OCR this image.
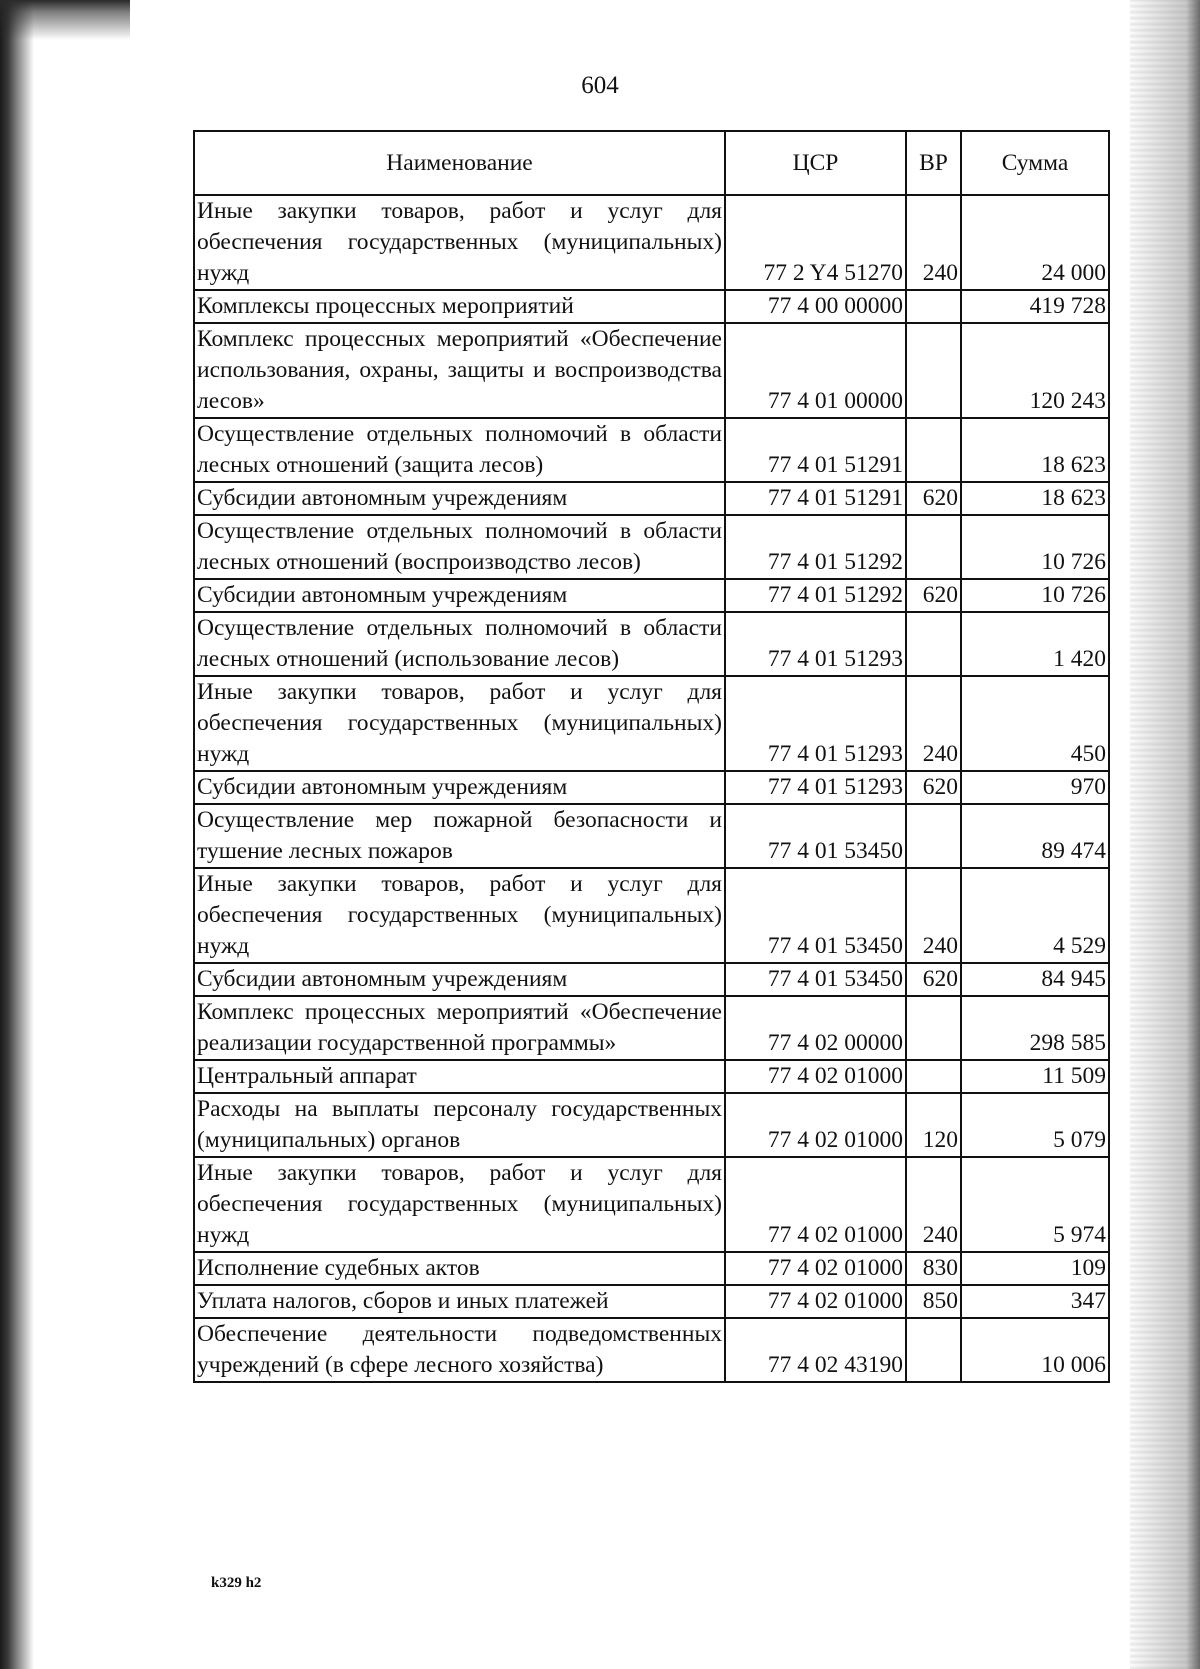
604
Наименование	ЦСР	ВР	Сумма
Иные закупки товаров, работ и услуг для обеспечения государственных (муниципальных) нужд	77 2 Y4 51270	240	24 000
Комплексы процессных мероприятий	77 4 00 00000		419 728
Комплекс процессных мероприятий «Обеспечение использования, охраны, защиты и воспроизводства лесов»	77 4 01 00000		120 243
Осуществление отдельных полномочий в области лесных отношений (защита лесов)	77 4 01 51291		18 623
Субсидии автономным учреждениям	77 4 01 51291	620	18 623
Осуществление отдельных полномочий в области лесных отношений (воспроизводство лесов)	77 4 01 51292		10 726
Субсидии автономным учреждениям	77 4 01 51292	620	10 726
Осуществление отдельных полномочий в области лесных отношений (использование лесов)	77 4 01 51293		1 420
Иные закупки товаров, работ и услуг для обеспечения государственных (муниципальных) нужд	77 4 01 51293	240	450
Субсидии автономным учреждениям	77 4 01 51293	620	970
Осуществление мер пожарной безопасности и тушение лесных пожаров	77 4 01 53450		89 474
Иные закупки товаров, работ и услуг для обеспечения государственных (муниципальных) нужд	77 4 01 53450	240	4 529
Субсидии автономным учреждениям	77 4 01 53450	620	84 945
Комплекс процессных мероприятий «Обеспечение реализации государственной программы»	77 4 02 00000		298 585
Центральный аппарат	77 4 02 01000		11 509
Расходы на выплаты персоналу государственных (муниципальных) органов	77 4 02 01000	120	5 079
Иные закупки товаров, работ и услуг для обеспечения государственных (муниципальных) нужд	77 4 02 01000	240	5 974
Исполнение судебных актов	77 4 02 01000	830	109
Уплата налогов, сборов и иных платежей	77 4 02 01000	850	347
Обеспечение деятельности подведомственных учреждений (в сфере лесного хозяйства)	77 4 02 43190		10 006
k329 h2
